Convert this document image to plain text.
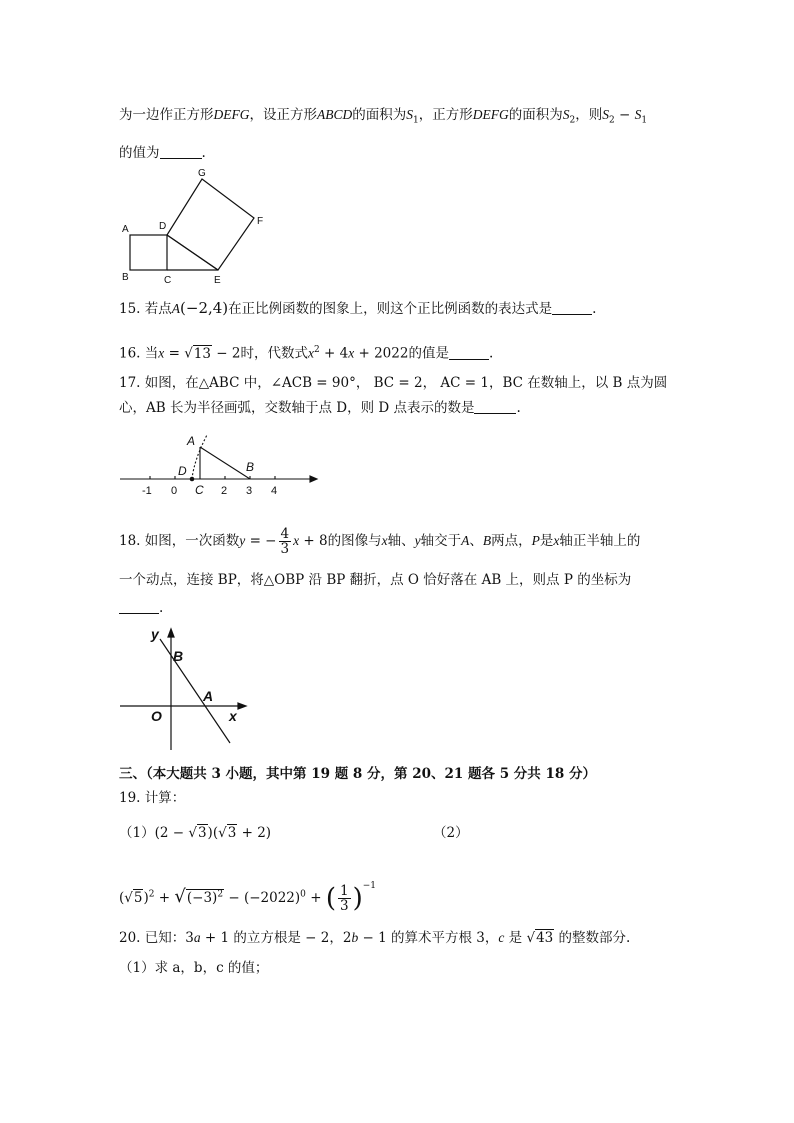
为一边作正方形DEFG，设正方形ABCD的面积为$S_1$，正方形DEFG的面积为$S_2$，则$S_2 - S_1$
的值为	.
A
B	C
D
E
F
G
15. 若点A(−2,4)在正比例函数的图象上，则这个正比例函数的表达式是	.
16. 当x = √13 − 2时，代数式$x^2 + 4x + 2022$的值是	.
17. 如图，在△ABC 中，∠ACB = 90°， BC = 2， AC = 1，BC 在数轴上，以 B 点为圆
心，AB 长为半径画弧，交数轴于点 D，则 D 点表示的数是	.
A
B
C
D
-1 0	2 3 4
18. 如图，一次函数y = − $\frac{4}{3}$ x + 8的图像与x轴、y轴交于A、B两点，P是x轴正半轴上的
一个动点，连接 BP，将△OBP 沿 BP 翻折，点 O 恰好落在 AB 上，则点 P 的坐标为
.
y
x
B
A
O
三、（本大题共 3 小题，其中第 19 题 8 分，第 20、21 题各 5 分共 18 分）
19. 计算：
（1）(2 − √3)(√3 + 2)	（2）
$(√5)^2 + √(-3)^2 - (-2022)^0$ + ( $\frac{1}{3} )^{-1}$
20. 已知：3a + 1 的立方根是 − 2，2b − 1 的算术平方根 3，c 是 √43 的整数部分.
（1）求 a，b，c 的值；
